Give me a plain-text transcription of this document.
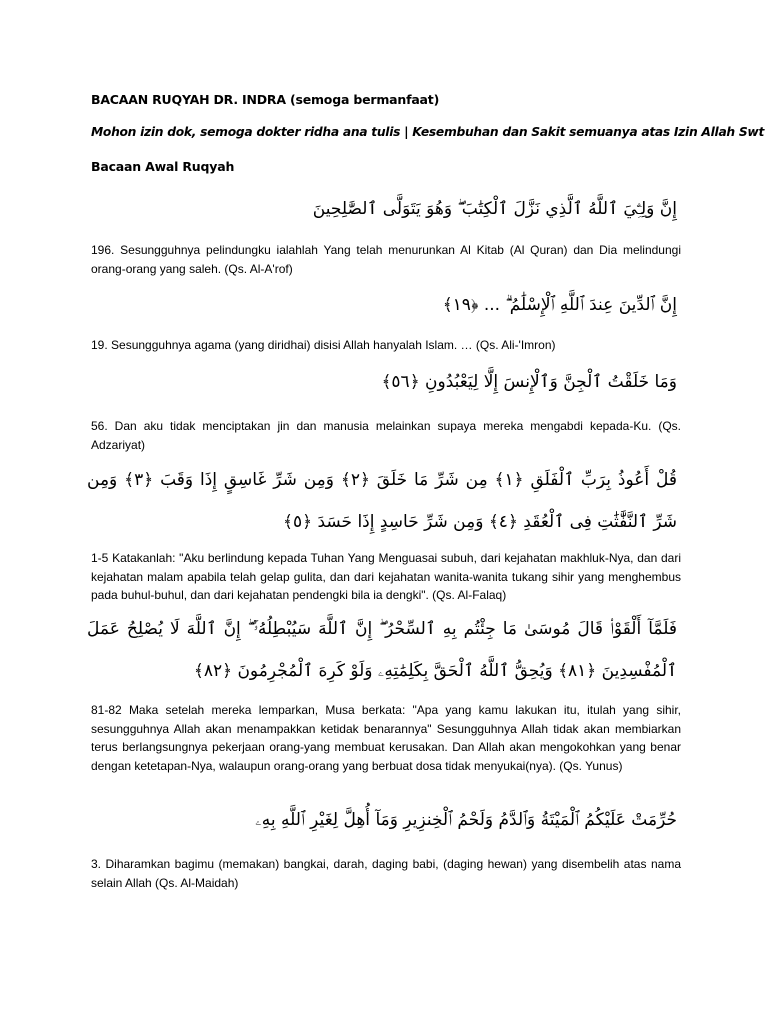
BACAAN RUQYAH DR. INDRA (semoga bermanfaat)
Mohon izin dok, semoga dokter ridha ana tulis | Kesembuhan dan Sakit semuanya atas Izin Allah Swt
Bacaan Awal Ruqyah
إِنَّ وَلِـِّۧيَ ٱللَّهُ ٱلَّذِي نَزَّلَ ٱلْكِتَٰبَ ۖ وَهُوَ يَتَوَلَّى ٱلصَّٰلِحِينَ
196. Sesungguhnya pelindungku ialahlah Yang telah menurunkan Al Kitab (Al Quran) dan Dia melindungi orang-orang yang saleh. (Qs. Al-A'rof)
إِنَّ ٱلدِّينَ عِندَ ٱللَّهِ ٱلْإِسْلَٰمُ ۗ ... ﴿١٩﴾
19. Sesungguhnya agama (yang diridhai) disisi Allah hanyalah Islam. … (Qs. Ali-'Imron)
وَمَا خَلَقْتُ ٱلْجِنَّ وَٱلْإِنسَ إِلَّا لِيَعْبُدُونِ ﴿٥٦﴾
56. Dan aku tidak menciptakan jin dan manusia melainkan supaya mereka mengabdi kepada-Ku. (Qs. Adzariyat)
قُلْ أَعُوذُ بِرَبِّ ٱلْفَلَقِ ﴿١﴾ مِن شَرِّ مَا خَلَقَ ﴿٢﴾ وَمِن شَرِّ غَاسِقٍ إِذَا وَقَبَ ﴿٣﴾ وَمِن شَرِّ ٱلنَّفَّٰثَٰتِ فِى ٱلْعُقَدِ ﴿٤﴾ وَمِن شَرِّ حَاسِدٍ إِذَا حَسَدَ ﴿٥﴾
1-5 Katakanlah: "Aku berlindung kepada Tuhan Yang Menguasai subuh, dari kejahatan makhluk-Nya, dan dari kejahatan malam apabila telah gelap gulita, dan dari kejahatan wanita-wanita tukang sihir yang menghembus pada buhul-buhul, dan dari kejahatan pendengki bila ia dengki". (Qs. Al-Falaq)
فَلَمَّآ أَلْقَوْا۟ قَالَ مُوسَىٰ مَا جِئْتُم بِهِ ٱلسِّحْرُ ۖ إِنَّ ٱللَّهَ سَيُبْطِلُهُۥٓ ۖ إِنَّ ٱللَّهَ لَا يُصْلِحُ عَمَلَ ٱلْمُفْسِدِينَ ﴿٨١﴾ وَيُحِقُّ ٱللَّهُ ٱلْحَقَّ بِكَلِمَٰتِهِۦ وَلَوْ كَرِهَ ٱلْمُجْرِمُونَ ﴿٨٢﴾
81-82 Maka setelah mereka lemparkan, Musa berkata: "Apa yang kamu lakukan itu, itulah yang sihir, sesungguhnya Allah akan menampakkan ketidak benarannya" Sesungguhnya Allah tidak akan membiarkan terus berlangsungnya pekerjaan orang-yang membuat kerusakan. Dan Allah akan mengokohkan yang benar dengan ketetapan-Nya, walaupun orang-orang yang berbuat dosa tidak menyukai(nya). (Qs. Yunus)
حُرِّمَتْ عَلَيْكُمُ ٱلْمَيْتَةُ وَٱلدَّمُ وَلَحْمُ ٱلْخِنزِيرِ وَمَآ أُهِلَّ لِغَيْرِ ٱللَّهِ بِهِۦ
3. Diharamkan bagimu (memakan) bangkai, darah, daging babi, (daging hewan) yang disembelih atas nama selain Allah (Qs. Al-Maidah)
